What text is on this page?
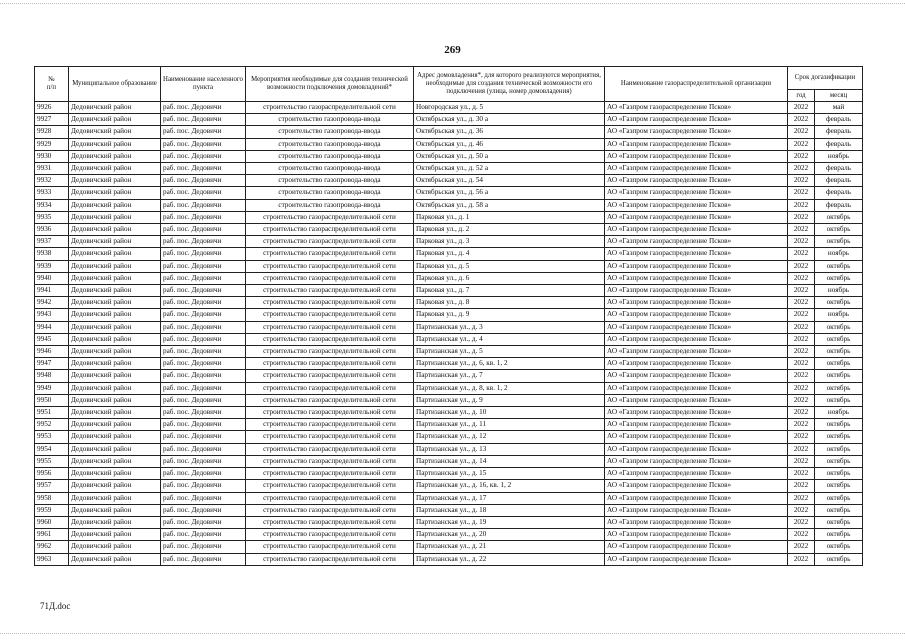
269
№
п/п	Муниципальное образование	Наименование населенного пункта	Мероприятия необходимые для создания технической возможности подключения домовладений*	Адрес домовладения*, для которого реализуются мероприятия, необходимые для создания технической возможности его подключения (улица, номер домовладения)	Наименование газораспределительной организации	Срок догазификации	
						год	месяц
9926	Дедовичский район	раб. пос. Дедовичи	строительство газораспределительной сети	Новгородская ул., д. 5	АО «Газпром газораспределение Псков»	2022	май
9927	Дедовичский район	раб. пос. Дедовичи	строительство газопровода-ввода	Октябрьская ул., д. 30 а	АО «Газпром газораспределение Псков»	2022	февраль
9928	Дедовичский район	раб. пос. Дедовичи	строительство газопровода-ввода	Октябрьская ул., д. 36	АО «Газпром газораспределение Псков»	2022	февраль
9929	Дедовичский район	раб. пос. Дедовичи	строительство газопровода-ввода	Октябрьская ул., д. 46	АО «Газпром газораспределение Псков»	2022	февраль
9930	Дедовичский район	раб. пос. Дедовичи	строительство газопровода-ввода	Октябрьская ул., д. 50 а	АО «Газпром газораспределение Псков»	2022	ноябрь
9931	Дедовичский район	раб. пос. Дедовичи	строительство газопровода-ввода	Октябрьская ул., д. 52 а	АО «Газпром газораспределение Псков»	2022	февраль
9932	Дедовичский район	раб. пос. Дедовичи	строительство газопровода-ввода	Октябрьская ул., д. 54	АО «Газпром газораспределение Псков»	2022	февраль
9933	Дедовичский район	раб. пос. Дедовичи	строительство газопровода-ввода	Октябрьская ул., д. 56 а	АО «Газпром газораспределение Псков»	2022	февраль
9934	Дедовичский район	раб. пос. Дедовичи	строительство газопровода-ввода	Октябрьская ул., д. 58 а	АО «Газпром газораспределение Псков»	2022	февраль
9935	Дедовичский район	раб. пос. Дедовичи	строительство газораспределительной сети	Парковая ул., д. 1	АО «Газпром газораспределение Псков»	2022	октябрь
9936	Дедовичский район	раб. пос. Дедовичи	строительство газораспределительной сети	Парковая ул., д. 2	АО «Газпром газораспределение Псков»	2022	октябрь
9937	Дедовичский район	раб. пос. Дедовичи	строительство газораспределительной сети	Парковая ул., д. 3	АО «Газпром газораспределение Псков»	2022	октябрь
9938	Дедовичский район	раб. пос. Дедовичи	строительство газораспределительной сети	Парковая ул., д. 4	АО «Газпром газораспределение Псков»	2022	ноябрь
9939	Дедовичский район	раб. пос. Дедовичи	строительство газораспределительной сети	Парковая ул., д. 5	АО «Газпром газораспределение Псков»	2022	октябрь
9940	Дедовичский район	раб. пос. Дедовичи	строительство газораспределительной сети	Парковая ул., д. 6	АО «Газпром газораспределение Псков»	2022	октябрь
9941	Дедовичский район	раб. пос. Дедовичи	строительство газораспределительной сети	Парковая ул., д. 7	АО «Газпром газораспределение Псков»	2022	ноябрь
9942	Дедовичский район	раб. пос. Дедовичи	строительство газораспределительной сети	Парковая ул., д. 8	АО «Газпром газораспределение Псков»	2022	октябрь
9943	Дедовичский район	раб. пос. Дедовичи	строительство газораспределительной сети	Парковая ул., д. 9	АО «Газпром газораспределение Псков»	2022	ноябрь
9944	Дедовичский район	раб. пос. Дедовичи	строительство газораспределительной сети	Партизанская ул., д. 3	АО «Газпром газораспределение Псков»	2022	октябрь
9945	Дедовичский район	раб. пос. Дедовичи	строительство газораспределительной сети	Партизанская ул., д. 4	АО «Газпром газораспределение Псков»	2022	октябрь
9946	Дедовичский район	раб. пос. Дедовичи	строительство газораспределительной сети	Партизанская ул., д. 5	АО «Газпром газораспределение Псков»	2022	октябрь
9947	Дедовичский район	раб. пос. Дедовичи	строительство газораспределительной сети	Партизанская ул., д. 6, кв. 1, 2	АО «Газпром газораспределение Псков»	2022	октябрь
9948	Дедовичский район	раб. пос. Дедовичи	строительство газораспределительной сети	Партизанская ул., д. 7	АО «Газпром газораспределение Псков»	2022	октябрь
9949	Дедовичский район	раб. пос. Дедовичи	строительство газораспределительной сети	Партизанская ул., д. 8, кв. 1, 2	АО «Газпром газораспределение Псков»	2022	октябрь
9950	Дедовичский район	раб. пос. Дедовичи	строительство газораспределительной сети	Партизанская ул., д. 9	АО «Газпром газораспределение Псков»	2022	октябрь
9951	Дедовичский район	раб. пос. Дедовичи	строительство газораспределительной сети	Партизанская ул., д. 10	АО «Газпром газораспределение Псков»	2022	ноябрь
9952	Дедовичский район	раб. пос. Дедовичи	строительство газораспределительной сети	Партизанская ул., д. 11	АО «Газпром газораспределение Псков»	2022	октябрь
9953	Дедовичский район	раб. пос. Дедовичи	строительство газораспределительной сети	Партизанская ул., д. 12	АО «Газпром газораспределение Псков»	2022	октябрь
9954	Дедовичский район	раб. пос. Дедовичи	строительство газораспределительной сети	Партизанская ул., д. 13	АО «Газпром газораспределение Псков»	2022	октябрь
9955	Дедовичский район	раб. пос. Дедовичи	строительство газораспределительной сети	Партизанская ул., д. 14	АО «Газпром газораспределение Псков»	2022	октябрь
9956	Дедовичский район	раб. пос. Дедовичи	строительство газораспределительной сети	Партизанская ул., д. 15	АО «Газпром газораспределение Псков»	2022	октябрь
9957	Дедовичский район	раб. пос. Дедовичи	строительство газораспределительной сети	Партизанская ул., д. 16, кв. 1, 2	АО «Газпром газораспределение Псков»	2022	октябрь
9958	Дедовичский район	раб. пос. Дедовичи	строительство газораспределительной сети	Партизанская ул., д. 17	АО «Газпром газораспределение Псков»	2022	октябрь
9959	Дедовичский район	раб. пос. Дедовичи	строительство газораспределительной сети	Партизанская ул., д. 18	АО «Газпром газораспределение Псков»	2022	октябрь
9960	Дедовичский район	раб. пос. Дедовичи	строительство газораспределительной сети	Партизанская ул., д. 19	АО «Газпром газораспределение Псков»	2022	октябрь
9961	Дедовичский район	раб. пос. Дедовичи	строительство газораспределительной сети	Партизанская ул., д. 20	АО «Газпром газораспределение Псков»	2022	октябрь
9962	Дедовичский район	раб. пос. Дедовичи	строительство газораспределительной сети	Партизанская ул., д. 21	АО «Газпром газораспределение Псков»	2022	октябрь
9963	Дедовичский район	раб. пос. Дедовичи	строительство газораспределительной сети	Партизанская ул., д. 22	АО «Газпром газораспределение Псков»	2022	октябрь
71Д.doc
